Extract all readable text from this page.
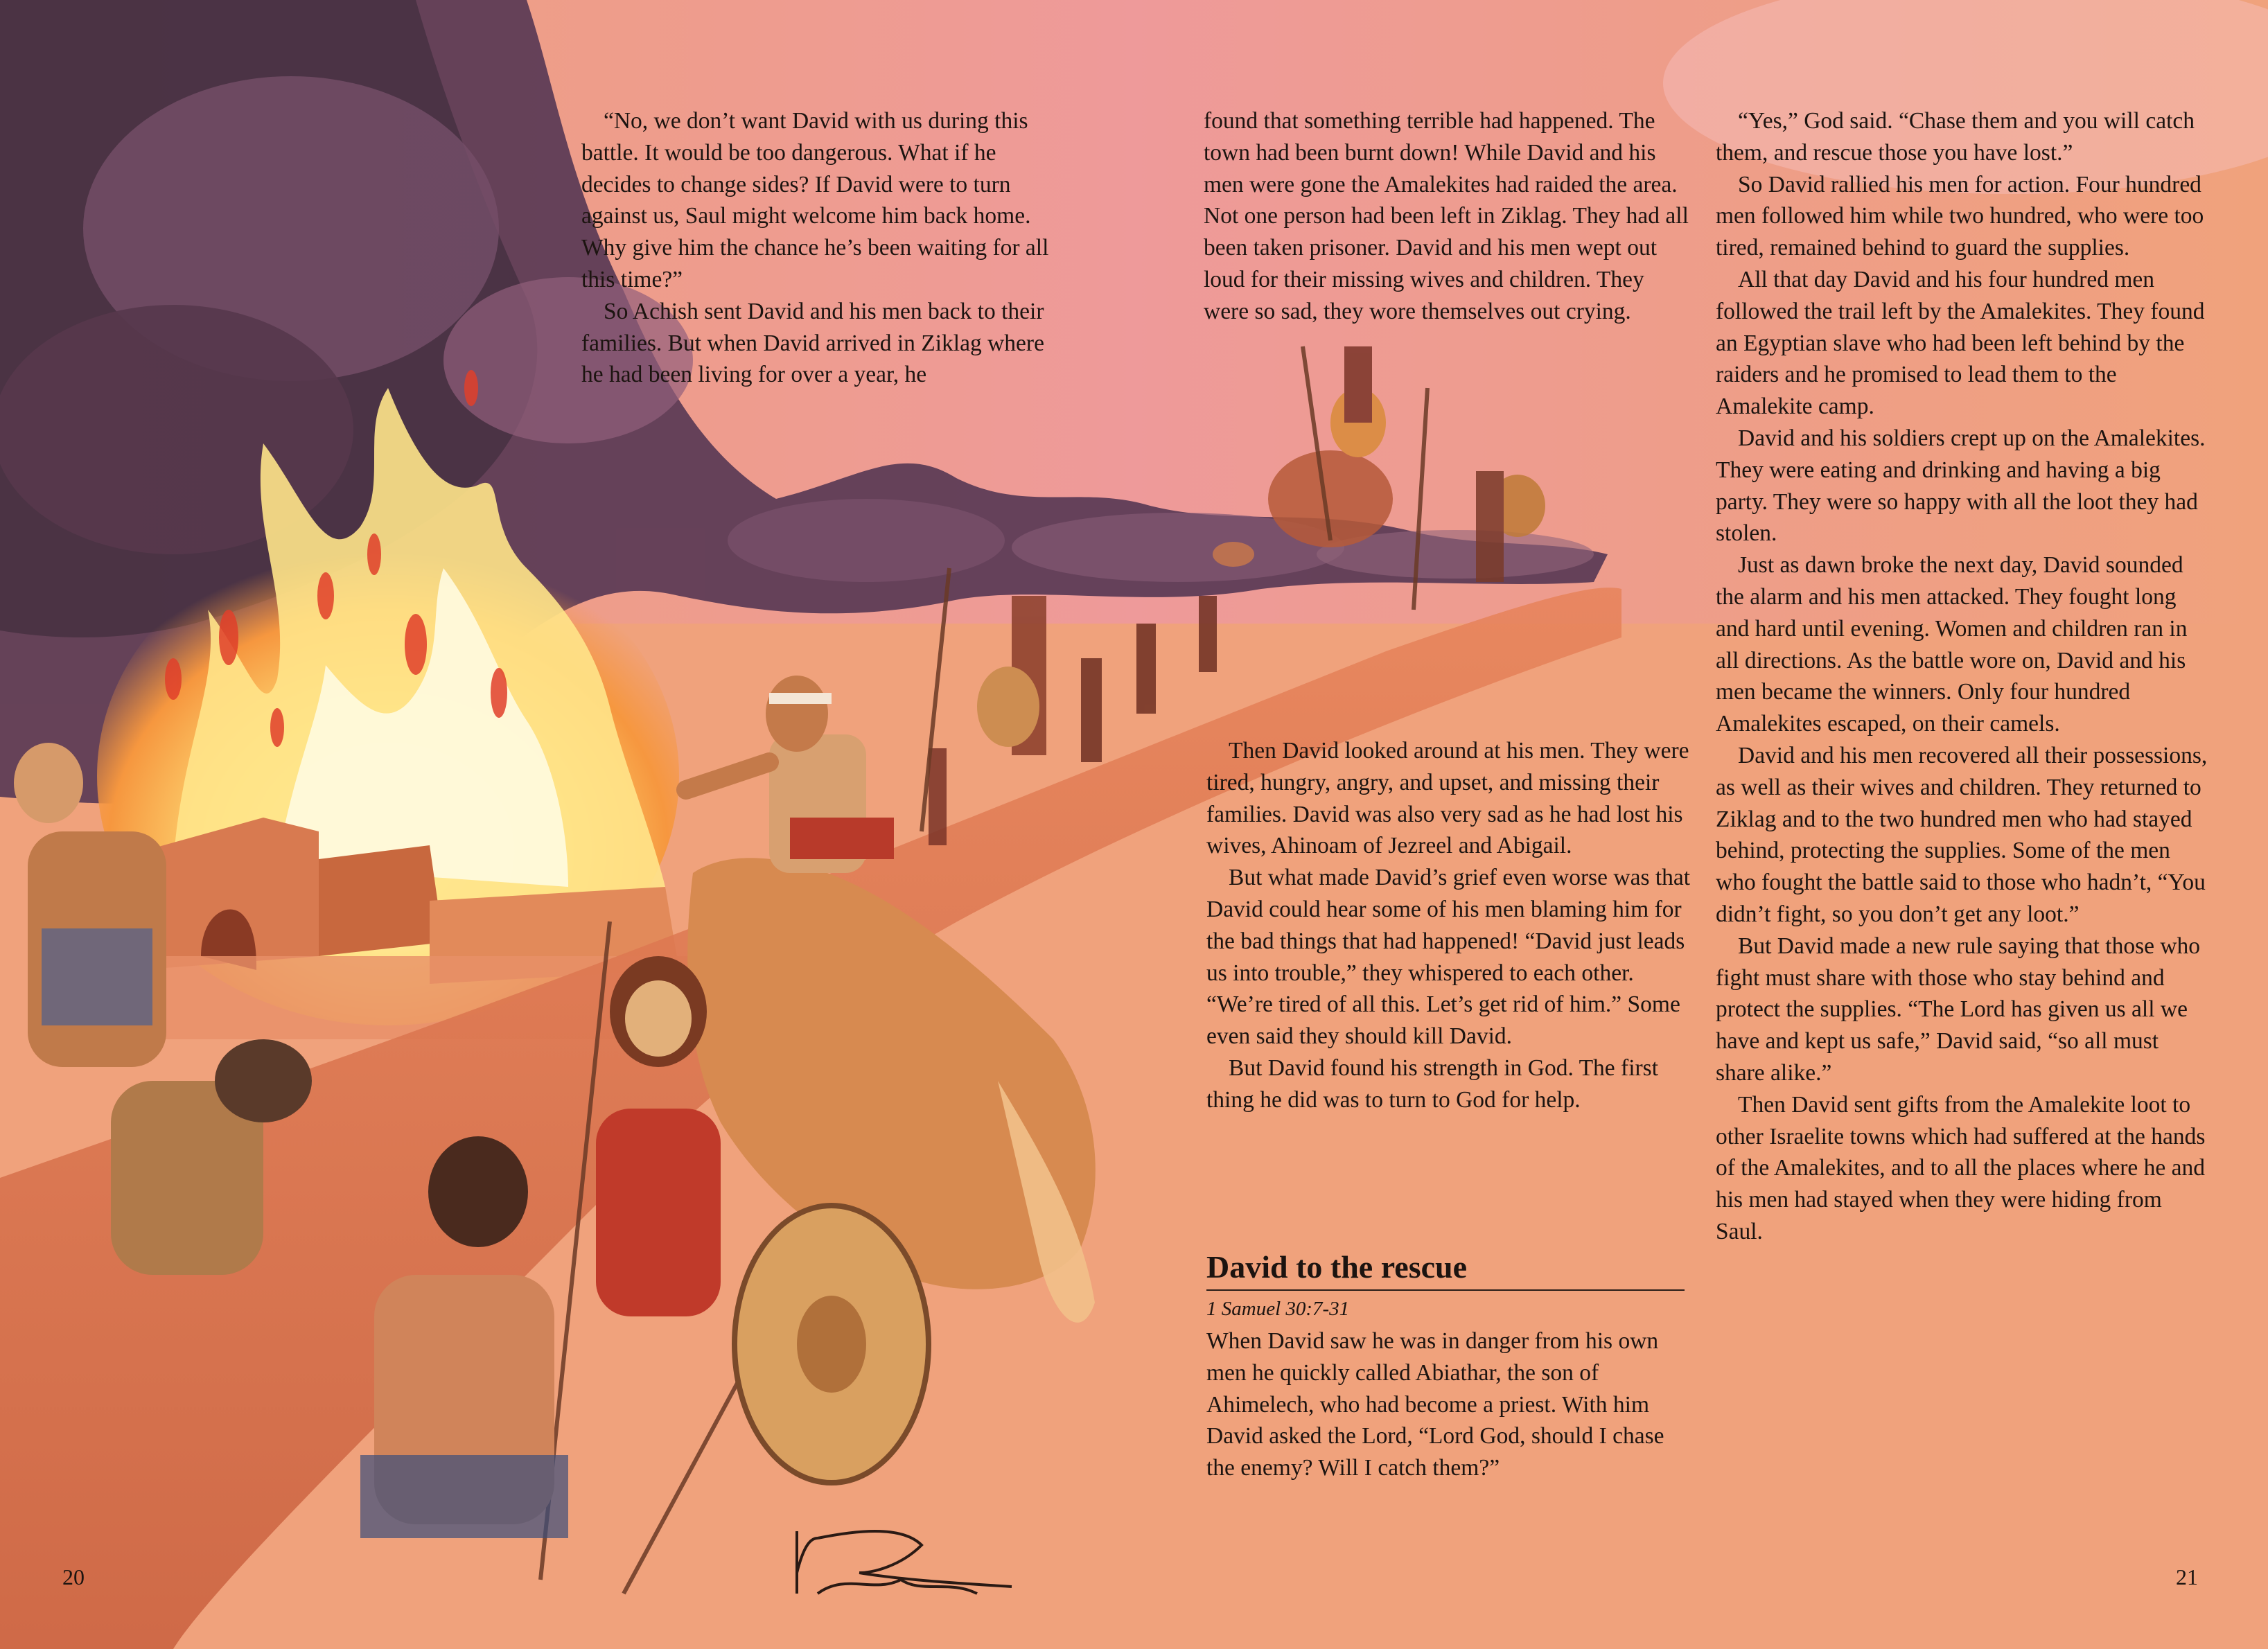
“No, we don’t want David with us during this battle. It would be too dangerous. What if he decides to change sides? If David were to turn against us, Saul might welcome him back home. Why give him the chance he’s been waiting for all this time?”

So Achish sent David and his men back to their families. But when David arrived in Ziklag where he had been living for over a year, he

found that something terrible had happened. The town had been burnt down! While David and his men were gone the Amalekites had raided the area. Not one person had been left in Ziklag. They had all been taken prisoner. David and his men wept out loud for their missing wives and children. They were so sad, they wore themselves out crying.

Then David looked around at his men. They were tired, hungry, angry, and upset, and missing their families. David was also very sad as he had lost his wives, Ahinoam of Jezreel and Abigail.

But what made David’s grief even worse was that David could hear some of his men blaming him for the bad things that had happened! “David just leads us into trouble,” they whispered to each other. “We’re tired of all this. Let’s get rid of him.” Some even said they should kill David.

But David found his strength in God. The first thing he did was to turn to God for help.

David to the rescue
1 Samuel 30:7-31
When David saw he was in danger from his own men he quickly called Abiathar, the son of Ahimelech, who had become a priest. With him David asked the Lord, “Lord God, should I chase the enemy? Will I catch them?”

“Yes,” God said. “Chase them and you will catch them, and rescue those you have lost.”

So David rallied his men for action. Four hundred men followed him while two hundred, who were too tired, remained behind to guard the supplies.

All that day David and his four hundred men followed the trail left by the Amalekites. They found an Egyptian slave who had been left behind by the raiders and he promised to lead them to the Amalekite camp.

David and his soldiers crept up on the Amalekites. They were eating and drinking and having a big party. They were so happy with all the loot they had stolen.

Just as dawn broke the next day, David sounded the alarm and his men attacked. They fought long and hard until evening. Women and children ran in all directions. As the battle wore on, David and his men became the winners. Only four hundred Amalekites escaped, on their camels.

David and his men recovered all their possessions, as well as their wives and children. They returned to Ziklag and to the two hundred men who had stayed behind, protecting the supplies. Some of the men who fought the battle said to those who hadn’t, “You didn’t fight, so you don’t get any loot.”

But David made a new rule saying that those who fight must share with those who stay behind and protect the supplies. “The Lord has given us all we have and kept us safe,” David said, “so all must share alike.”

Then David sent gifts from the Amalekite loot to other Israelite towns which had suffered at the hands of the Amalekites, and to all the places where he and his men had stayed when they were hiding from Saul.

20	21
